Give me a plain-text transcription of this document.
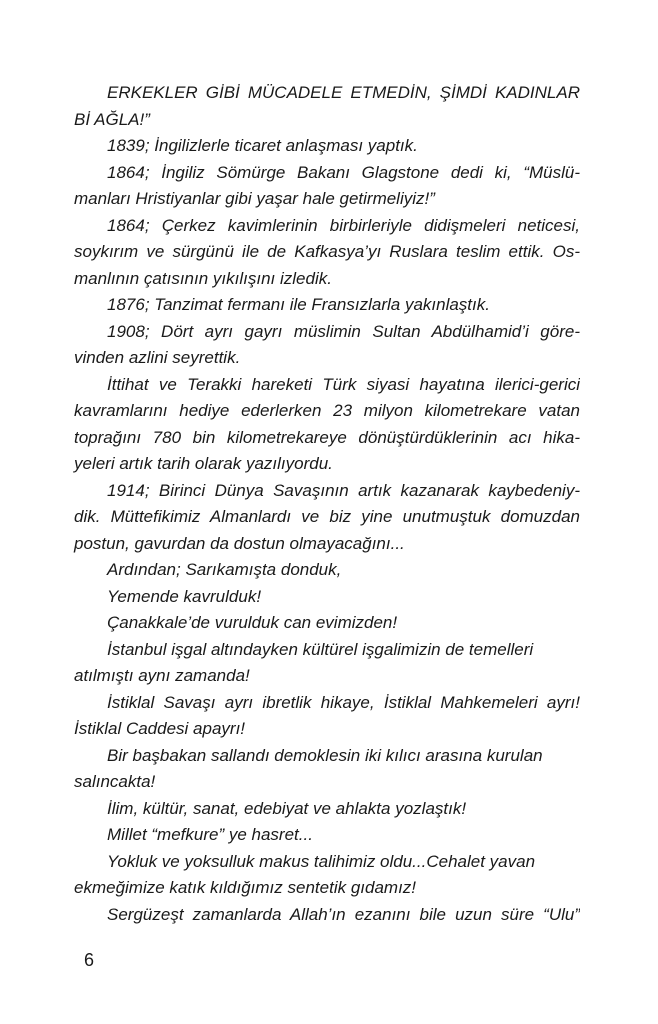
ERKEKLER GİBİ MÜCADELE ETMEDİN, ŞİMDİ KADINLAR
Bİ AĞLA!”
1839; İngilizlerle ticaret anlaşması yaptık.
1864; İngiliz Sömürge Bakanı Glagstone dedi ki, “Müslü-
manları Hristiyanlar gibi yaşar hale getirmeliyiz!”
1864; Çerkez kavimlerinin birbirleriyle didişmeleri neticesi,
soykırım ve sürgünü ile de Kafkasya’yı Ruslara teslim ettik. Os-
manlının çatısının yıkılışını izledik.
1876; Tanzimat fermanı ile Fransızlarla yakınlaştık.
1908; Dört ayrı gayrı müslimin Sultan Abdülhamid’i göre-
vinden azlini seyrettik.
İttihat ve Terakki hareketi Türk siyasi hayatına ilerici-gerici
kavramlarını hediye ederlerken 23 milyon kilometrekare vatan
toprağını 780 bin kilometrekareye dönüştürdüklerinin acı hika-
yeleri artık tarih olarak yazılıyordu.
1914; Birinci Dünya Savaşının artık kazanarak kaybedeniy-
dik. Müttefikimiz Almanlardı ve biz yine unutmuştuk domuzdan
postun, gavurdan da dostun olmayacağını...
Ardından; Sarıkamışta donduk,
Yemende kavrulduk!
Çanakkale’de vurulduk can evimizden!
İstanbul işgal altındayken kültürel işgalimizin de temelleri
atılmıştı aynı zamanda!
İstiklal Savaşı ayrı ibretlik hikaye, İstiklal Mahkemeleri ayrı!
İstiklal Caddesi apayrı!
Bir başbakan sallandı demoklesin iki kılıcı arasına kurulan
salıncakta!
İlim, kültür, sanat, edebiyat ve ahlakta yozlaştık!
Millet “mefkure” ye hasret...
Yokluk ve yoksulluk makus talihimiz oldu...Cehalet yavan
ekmeğimize katık kıldığımız sentetik gıdamız!
Sergüzeşt zamanlarda Allah’ın ezanını bile uzun süre “Ulu”
6
